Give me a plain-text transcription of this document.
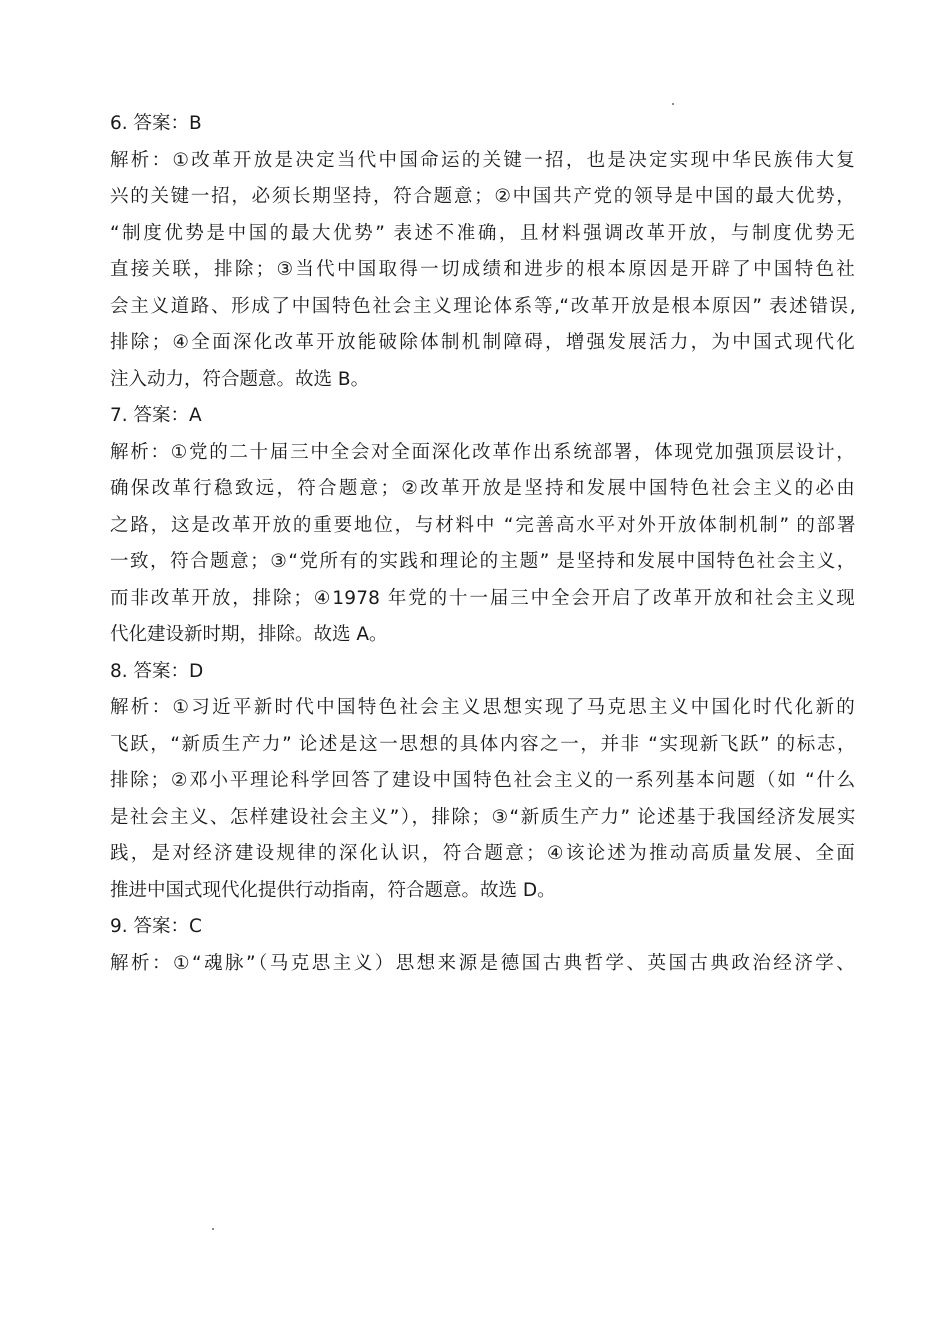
6. 答案：B
解析：①改革开放是决定当代中国命运的关键一招，也是决定实现中华民族伟大复
兴的关键一招，必须长期坚持，符合题意；②中国共产党的领导是中国的最大优势，
“制度优势是中国的最大优势” 表述不准确，且材料强调改革开放，与制度优势无
直接关联，排除；③当代中国取得一切成绩和进步的根本原因是开辟了中国特色社
会主义道路、形成了中国特色社会主义理论体系等,“改革开放是根本原因” 表述错误,
排除；④全面深化改革开放能破除体制机制障碍，增强发展活力，为中国式现代化
注入动力，符合题意。故选 B。
7. 答案：A
解析：①党的二十届三中全会对全面深化改革作出系统部署，体现党加强顶层设计，
确保改革行稳致远，符合题意；②改革开放是坚持和发展中国特色社会主义的必由
之路，这是改革开放的重要地位，与材料中 “完善高水平对外开放体制机制” 的部署
一致，符合题意；③“党所有的实践和理论的主题” 是坚持和发展中国特色社会主义，
而非改革开放，排除；④1978 年党的十一届三中全会开启了改革开放和社会主义现
代化建设新时期，排除。故选 A。
8. 答案：D
解析：①习近平新时代中国特色社会主义思想实现了马克思主义中国化时代化新的
飞跃，“新质生产力” 论述是这一思想的具体内容之一，并非 “实现新飞跃” 的标志，
排除；②邓小平理论科学回答了建设中国特色社会主义的一系列基本问题（如 “什么
是社会主义、怎样建设社会主义”），排除；③“新质生产力” 论述基于我国经济发展实
践，是对经济建设规律的深化认识，符合题意；④该论述为推动高质量发展、全面
推进中国式现代化提供行动指南，符合题意。故选 D。
9. 答案：C
解析：①“魂脉”（马克思主义）思想来源是德国古典哲学、英国古典政治经济学、
